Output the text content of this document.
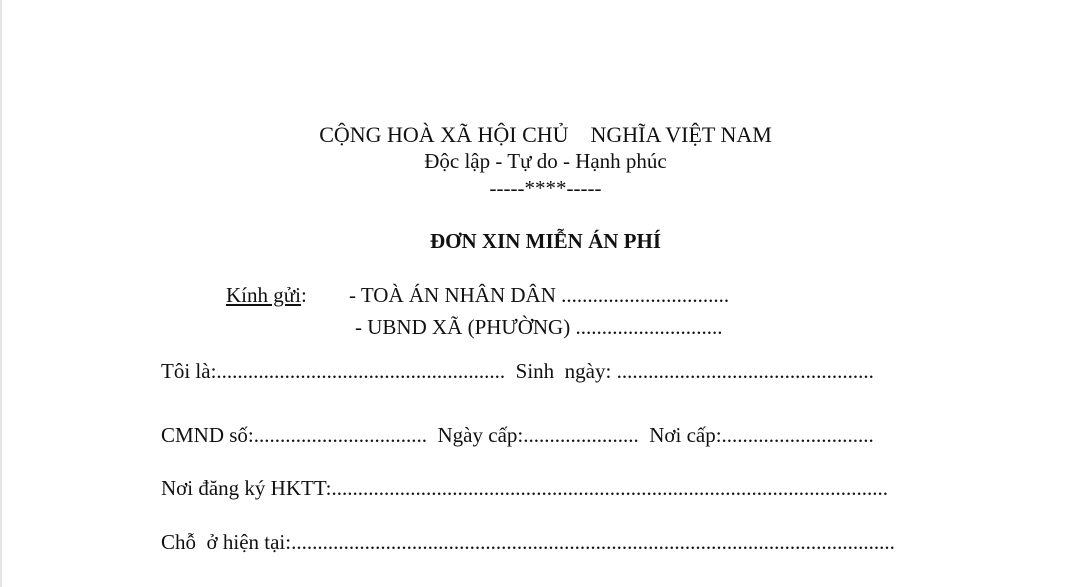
CỘNG HOÀ XÃ HỘI CHỦ    NGHĨA VIỆT NAM
Độc lập - Tự do - Hạnh phúc
-----****-----
ĐƠN XIN MIỄN ÁN PHÍ
Kính gửi: - TOÀ ÁN NHÂN DÂN ................................
- UBND XÃ (PHƯỜNG) ............................
Tôi là:.......................................................  Sinh  ngày: .................................................
CMND số:.................................  Ngày cấp:......................  Nơi cấp:.............................
Nơi đăng ký HKTT:..........................................................................................................
Chỗ  ở hiện tại:...................................................................................................................
